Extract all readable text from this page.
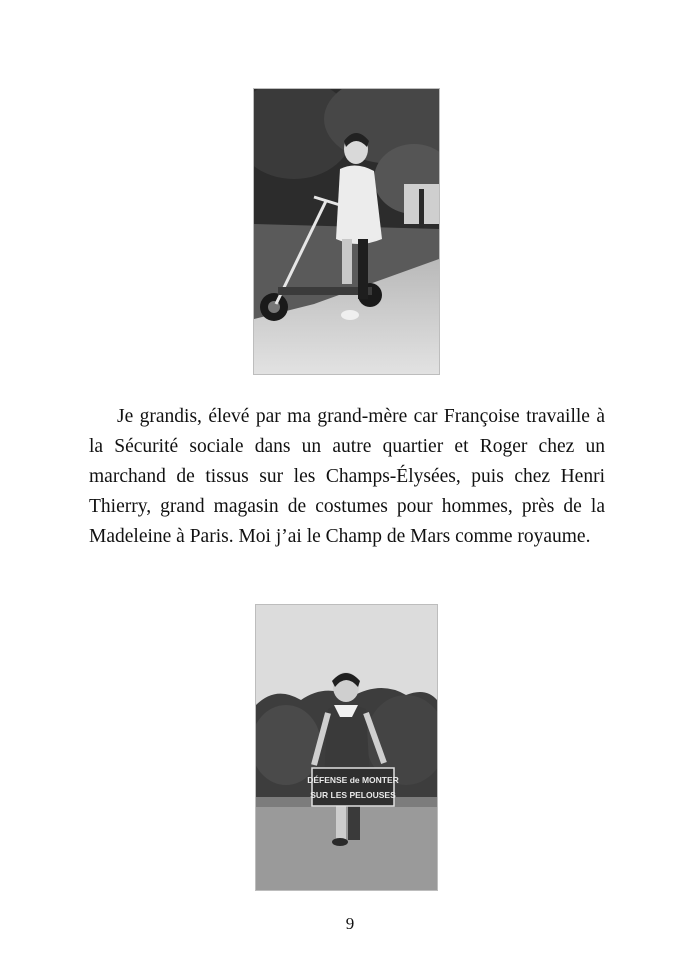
Je grandis, élevé par ma grand-mère car Françoise travaille à la Sécurité sociale dans un autre quartier et Roger chez un marchand de tissus sur les Champs-Élysées, puis chez Henri Thierry, grand magasin de costumes pour hommes, près de la Madeleine à Paris. Moi j’ai le Champ de Mars comme royaume.
DÉFENSE de MONTER
SUR LES PELOUSES
9
